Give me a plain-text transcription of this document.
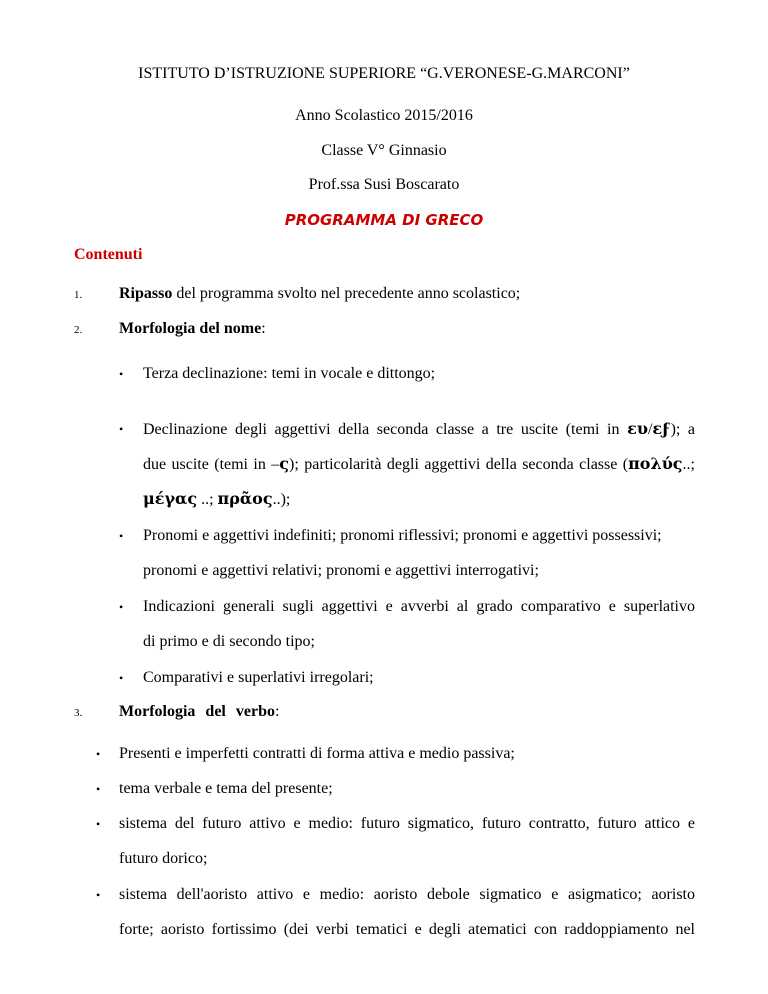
ISTITUTO D’ISTRUZIONE SUPERIORE “G.VERONESE-G.MARCONI”
Anno Scolastico 2015/2016
Classe V° Ginnasio
Prof.ssa Susi Boscarato
PROGRAMMA DI GRECO
Contenuti
1. Ripasso del programma svolto nel precedente anno scolastico;
2. Morfologia del nome:
• Terza declinazione: temi in vocale e dittongo;
• Declinazione degli aggettivi della seconda classe a tre uscite (temi in ευ/εϝ); a
due uscite (temi in –ς); particolarità degli aggettivi della seconda classe (πολύς..;
μέγας ..; πρᾶος..);
• Pronomi e aggettivi indefiniti; pronomi riflessivi; pronomi e aggettivi possessivi;
pronomi e aggettivi relativi; pronomi e aggettivi interrogativi;
• Indicazioni generali sugli aggettivi e avverbi al grado comparativo e superlativo
di primo e di secondo tipo;
• Comparativi e superlativi irregolari;
3. Morfologia del verbo:
• Presenti e imperfetti contratti di forma attiva e medio passiva;
• tema verbale e tema del presente;
• sistema del futuro attivo e medio: futuro sigmatico, futuro contratto, futuro attico e
futuro dorico;
• sistema dell'aoristo attivo e medio: aoristo debole sigmatico e asigmatico; aoristo
forte; aoristo fortissimo (dei verbi tematici e degli atematici con raddoppiamento nel
